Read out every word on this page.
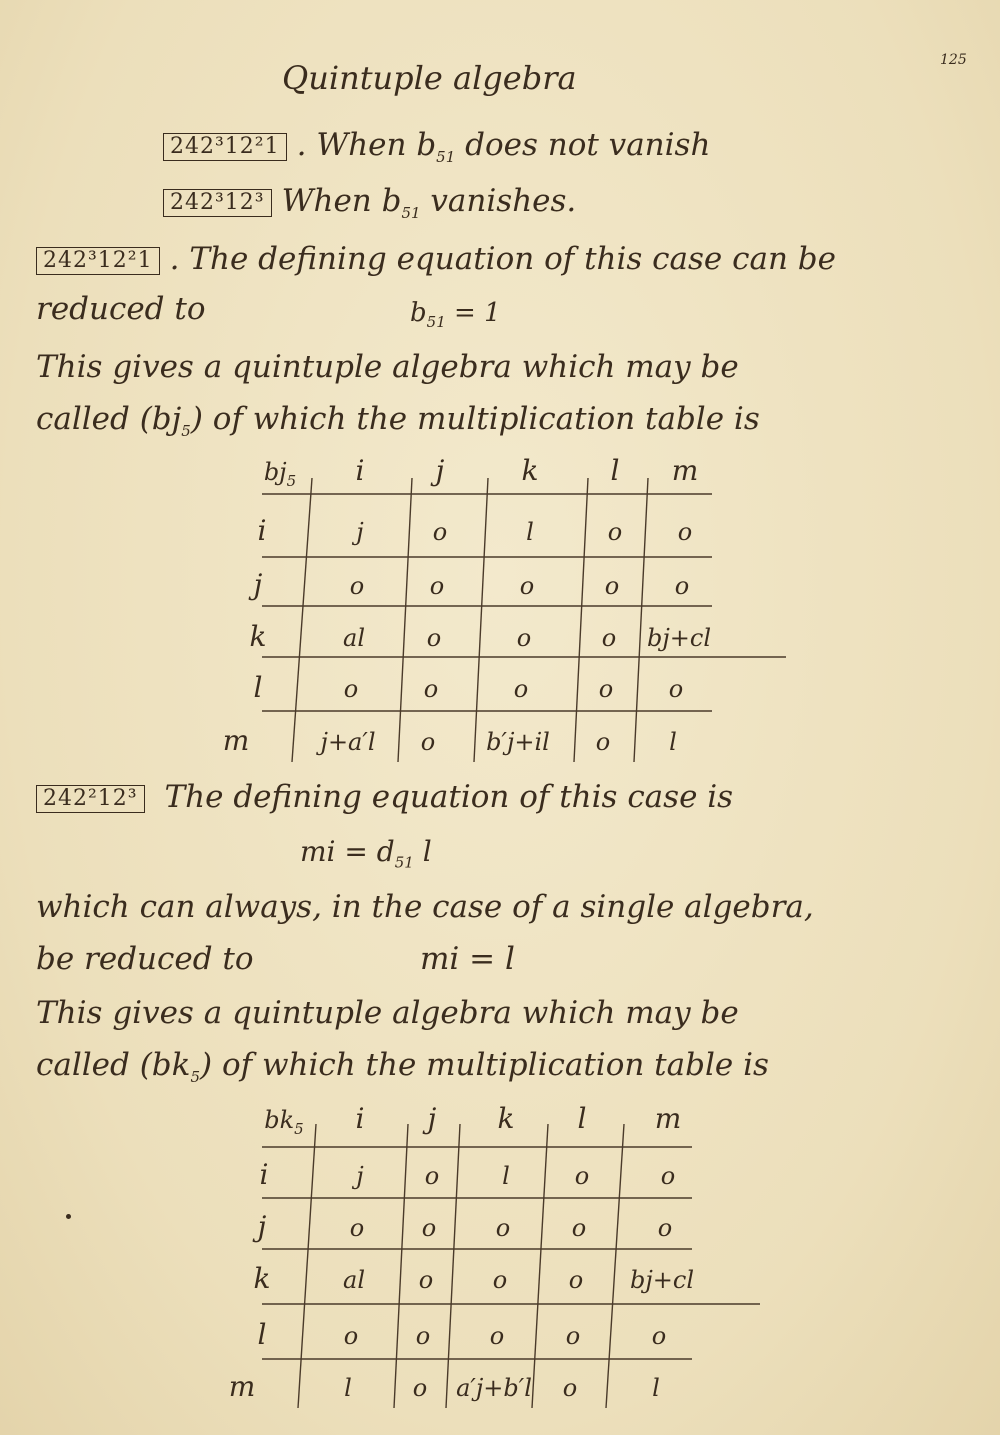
125
Quintuple algebra
242³12²1 . When $b_{51}$ does not vanish
242³12³ When $b_{51}$ vanishes.
242³12²1 . The defining equation of this case can be
reduced to	$b_{51} = 1$
This gives a quintuple algebra which may be
called $(bj_5)$ of which the multiplication table is
$bj_5$ i	j	k	l m
i	j	o	l	o o
j	o	o	o	o o
k	al	o	o	o bj+cl
l	o	o	o	o o
m	j+a′l o b′j+il o l
242²12³ The defining equation of this case is
mi = $d_{51}$ l
which can always, in the case of a single algebra,
be reduced to	mi = l
This gives a quintuple algebra which may be
called $(bk_5)$ of which the multiplication table is
$bk_5$ i j k l m
i	j	o	l	o	o
j	o o o	o	o
k	al o o	o bj+cl
l	o o o	o	o
m	l	o a′j+b′l o	l
